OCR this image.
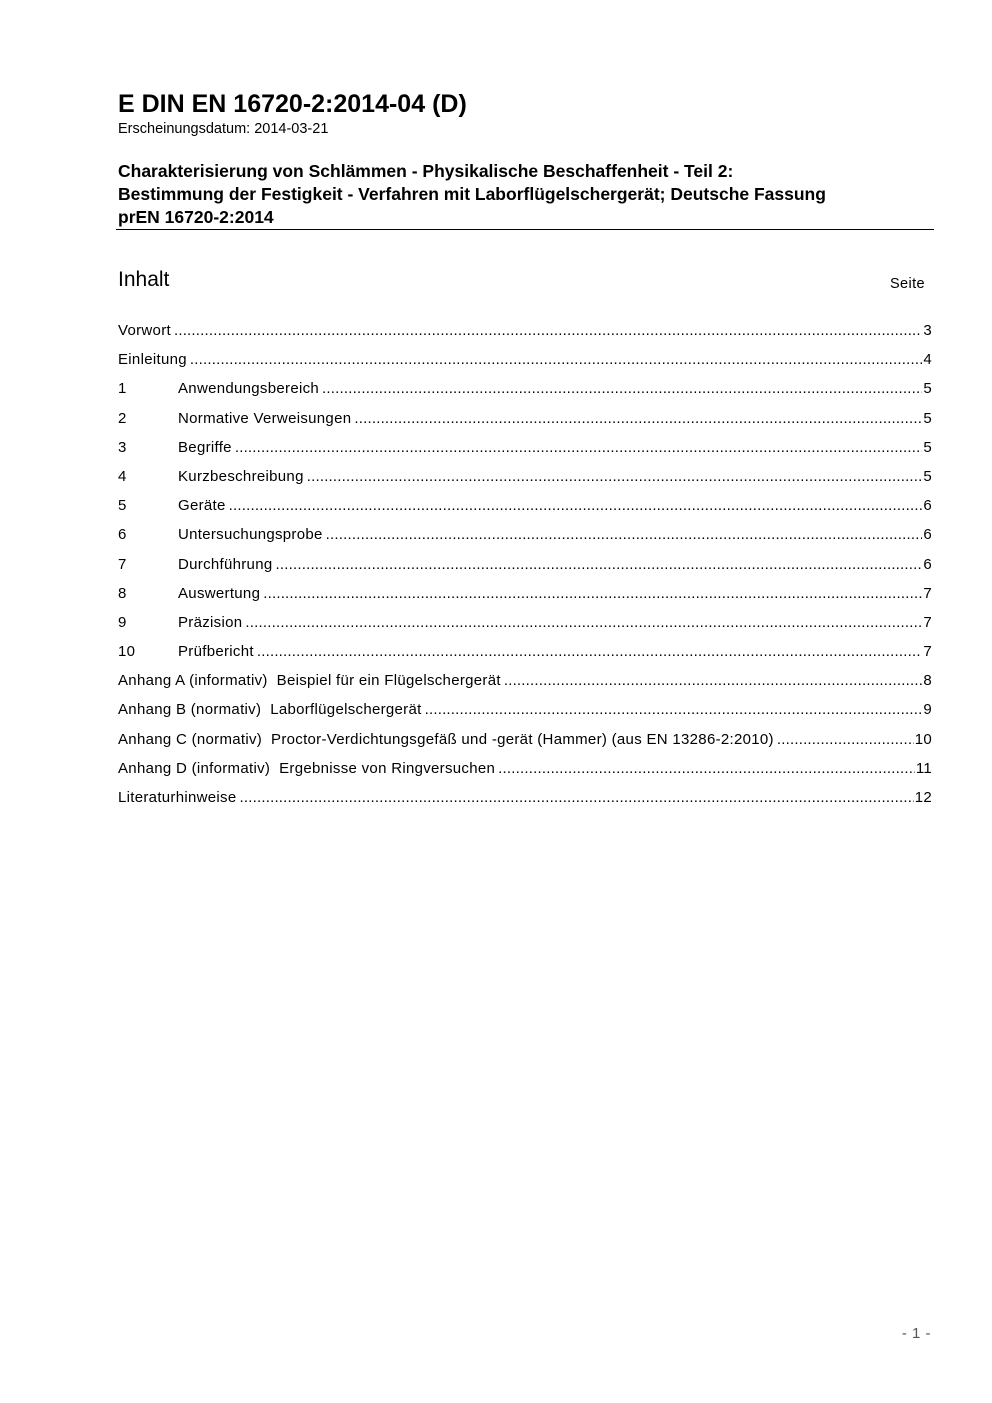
E DIN EN 16720-2:2014-04 (D)
Erscheinungsdatum: 2014-03-21
Charakterisierung von Schlämmen - Physikalische Beschaffenheit - Teil 2:
Bestimmung der Festigkeit - Verfahren mit Laborflügelschergerät; Deutsche Fassung
prEN 16720-2:2014
Inhalt	Seite
Vorwort .....	3
Einleitung .....	4
1	Anwendungsbereich .....	5
2	Normative Verweisungen .....	5
3	Begriffe .....	5
4	Kurzbeschreibung .....	5
5	Geräte .....	6
6	Untersuchungsprobe .....	6
7	Durchführung .....	6
8	Auswertung .....	7
9	Präzision .....	7
10	Prüfbericht .....	7
Anhang A (informativ)  Beispiel für ein Flügelschergerät .....	8
Anhang B (normativ)  Laborflügelschergerät .....	9
Anhang C (normativ)  Proctor-Verdichtungsgefäß und -gerät (Hammer) (aus EN 13286-2:2010) .....	10
Anhang D (informativ)  Ergebnisse von Ringversuchen .....	11
Literaturhinweise .....	12
- 1 -
